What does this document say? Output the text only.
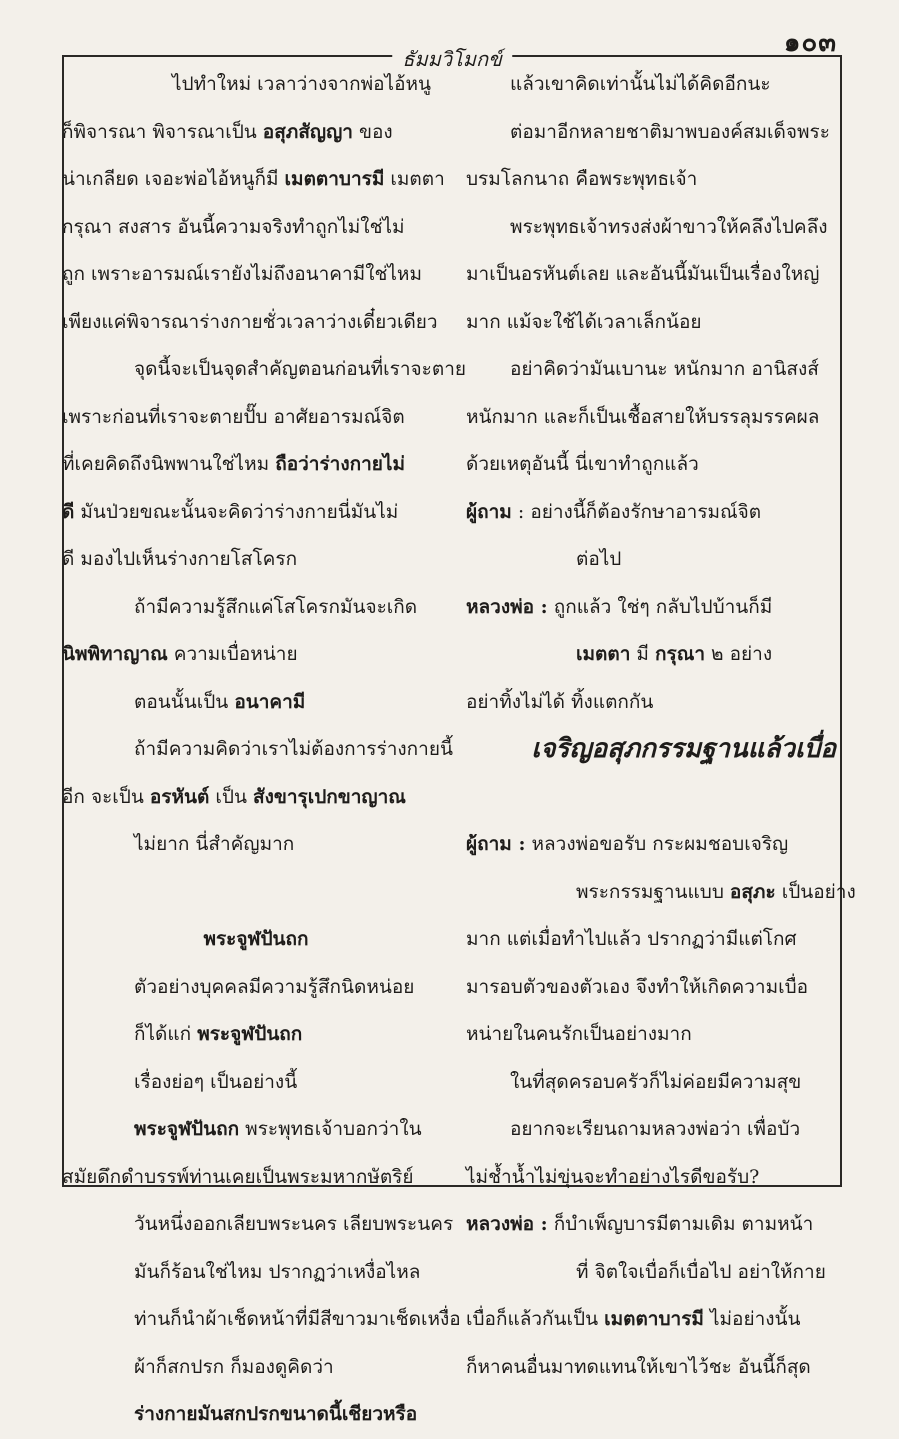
๑๐๓
ธัมมวิโมกข์

ไปทำใหม่ เวลาว่างจากพ่อไอ้หนู

ก็พิจารณา พิจารณาเป็น อสุภสัญญา ของ

น่าเกลียด เจอะพ่อไอ้หนูก็มี เมตตาบารมี เมตตา

กรุณา สงสาร อันนี้ความจริงทำถูกไม่ใช่ไม่

ถูก เพราะอารมณ์เรายังไม่ถึงอนาคามีใช่ไหม

เพียงแค่พิจารณาร่างกายชั่วเวลาว่างเดี๋ยวเดียว

จุดนี้จะเป็นจุดสำคัญตอนก่อนที่เราจะตาย

เพราะก่อนที่เราจะตายปั๊บ อาศัยอารมณ์จิต

ที่เคยคิดถึงนิพพานใช่ไหม ถือว่าร่างกายไม่

ดี มันป่วยขณะนั้นจะคิดว่าร่างกายนี่มันไม่

ดี มองไปเห็นร่างกายโสโครก

ถ้ามีความรู้สึกแค่โสโครกมันจะเกิด

นิพพิทาญาณ ความเบื่อหน่าย

ตอนนั้นเป็น อนาคามี

ถ้ามีความคิดว่าเราไม่ต้องการร่างกายนี้

อีก จะเป็น อรหันต์ เป็น สังขารุเปกขาญาณ

ไม่ยาก นี่สำคัญมาก

พระจูฬปันถก

ตัวอย่างบุคคลมีความรู้สึกนิดหน่อย

ก็ได้แก่ พระจูฬปันถก

เรื่องย่อๆ เป็นอย่างนี้

พระจูฬปันถก พระพุทธเจ้าบอกว่าใน

สมัยดึกดำบรรพ์ท่านเคยเป็นพระมหากษัตริย์

วันหนึ่งออกเลียบพระนคร เลียบพระนคร

มันก็ร้อนใช่ไหม ปรากฏว่าเหงื่อไหล

ท่านก็นำผ้าเช็ดหน้าที่มีสีขาวมาเช็ดเหงื่อ

ผ้าก็สกปรก ก็มองดูคิดว่า

ร่างกายมันสกปรกขนาดนี้เชียวหรือ

แล้วเขาคิดเท่านั้นไม่ได้คิดอีกนะ

ต่อมาอีกหลายชาติมาพบองค์สมเด็จพระ

บรมโลกนาถ คือพระพุทธเจ้า

พระพุทธเจ้าทรงส่งผ้าขาวให้คลึงไปคลึง

มาเป็นอรหันต์เลย และอันนี้มันเป็นเรื่องใหญ่

มาก แม้จะใช้ได้เวลาเล็กน้อย

อย่าคิดว่ามันเบานะ หนักมาก อานิสงส์

หนักมาก และก็เป็นเชื้อสายให้บรรลุมรรคผล

ด้วยเหตุอันนี้ นี่เขาทำถูกแล้ว

ผู้ถาม : อย่างนี้ก็ต้องรักษาอารมณ์จิต

ต่อไป

หลวงพ่อ : ถูกแล้ว ใช่ๆ กลับไปบ้านก็มี

เมตตา มี กรุณา ๒ อย่าง

อย่าทิ้งไม่ได้ ทิ้งแตกกัน

เจริญอสุภกรรมฐานแล้วเบื่อ

ผู้ถาม : หลวงพ่อขอรับ กระผมชอบเจริญ

พระกรรมฐานแบบ อสุภะ เป็นอย่าง

มาก แต่เมื่อทำไปแล้ว ปรากฏว่ามีแต่โกศ

มารอบตัวของตัวเอง จึงทำให้เกิดความเบื่อ

หน่ายในคนรักเป็นอย่างมาก

ในที่สุดครอบครัวก็ไม่ค่อยมีความสุข

อยากจะเรียนถามหลวงพ่อว่า เพื่อบัว

ไม่ช้ำน้ำไม่ขุ่นจะทำอย่างไรดีขอรับ?

หลวงพ่อ : ก็บำเพ็ญบารมีตามเดิม ตามหน้า

ที่ จิตใจเบื่อก็เบื่อไป อย่าให้กาย

เบื่อก็แล้วกันเป็น เมตตาบารมี ไม่อย่างนั้น

ก็หาคนอื่นมาทดแทนให้เขาไว้ชะ อันนี้ก็สุด
